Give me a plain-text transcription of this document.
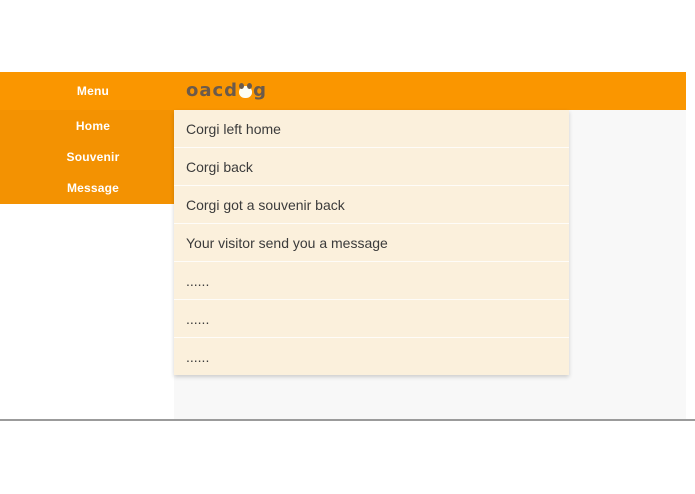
Menu	oacd g
Home
Souvenir
Message
Corgi left home
Corgi back
Corgi got a souvenir back
Your visitor send you a message
......
......
......
